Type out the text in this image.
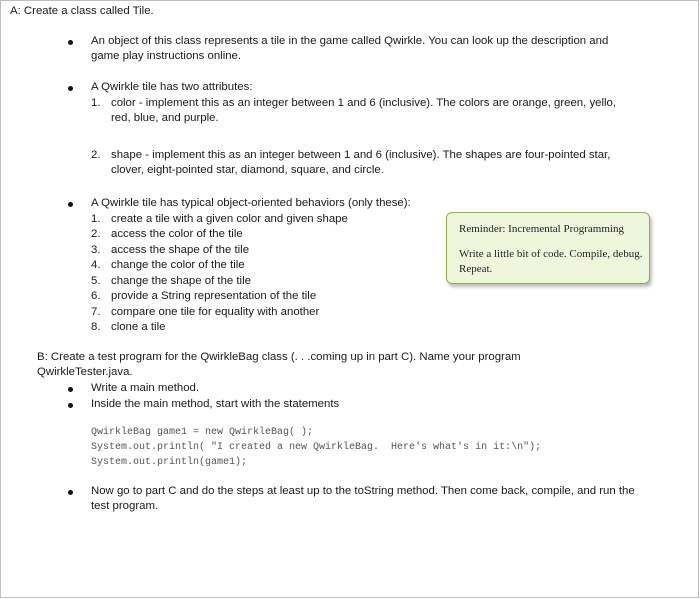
A: Create a class called Tile.
An object of this class represents a tile in the game called Qwirkle. You can look up the description and game play instructions online.
A Qwirkle tile has two attributes:
1. color - implement this as an integer between 1 and 6 (inclusive). The colors are orange, green, yello, red, blue, and purple.
2. shape - implement this as an integer between 1 and 6 (inclusive). The shapes are four-pointed star, clover, eight-pointed star, diamond, square, and circle.
A Qwirkle tile has typical object-oriented behaviors (only these):
1. create a tile with a given color and given shape
2. access the color of the tile
3. access the shape of the tile
4. change the color of the tile
5. change the shape of the tile
6. provide a String representation of the tile
7. compare one tile for equality with another
8. clone a tile
Reminder: Incremental Programming
Write a little bit of code. Compile, debug. Repeat.
B: Create a test program for the QwirkleBag class (. . .coming up in part C). Name your program QwirkleTester.java.
Write a main method.
Inside the main method, start with the statements
QwirkleBag game1 = new QwirkleBag( );
System.out.println( "I created a new QwirkleBag.  Here's what's in it:\n");
System.out.println(game1);
Now go to part C and do the steps at least up to the toString method. Then come back, compile, and run the test program.
